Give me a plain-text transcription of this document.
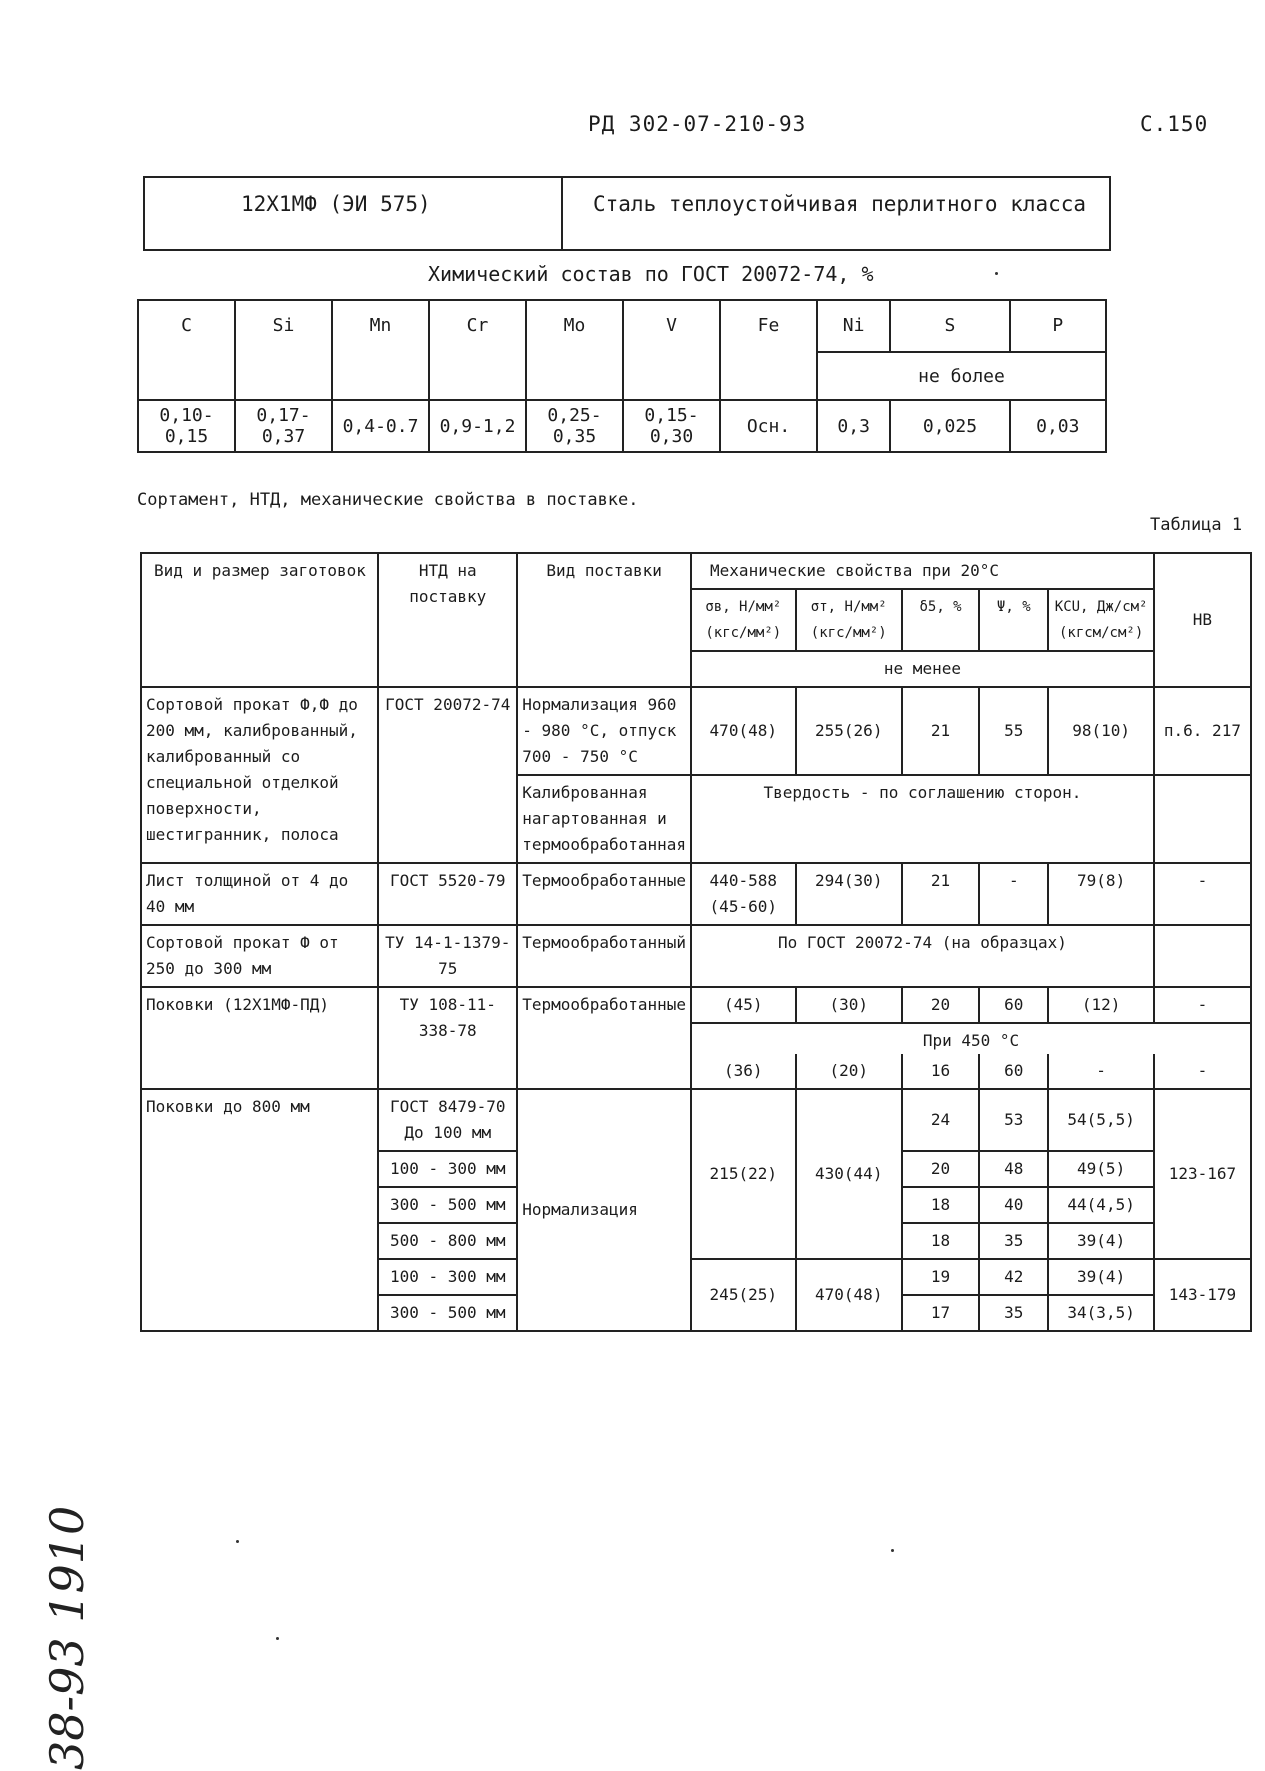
РД 302-07-210-93	С.150
12Х1МФ (ЭИ 575)	Сталь теплоустойчивая перлитного класса
Химический состав по ГОСТ 20072-74, %
C	Si	Mn	Cr	Mo	V	Fe	Ni	S	P
							не более		
0,10-0,15	0,17-0,37	0,4-0.7	0,9-1,2	0,25-0,35	0,15-0,30	Осн.	0,3	0,025	0,03
Сортамент, НТД, механические свойства в поставке.
Таблица 1
Вид и размер заготовок	НТД на поставку	Вид поставки	Механические свойства при 20°С					НВ
			σв, Н/мм² (кгс/мм²)	σт, Н/мм² (кгс/мм²)	δ5, %	Ψ, %	KCU, Дж/см² (кгсм/см²)	
			не менее					
Сортовой прокат Ф,Ф до 200 мм, калиброванный, калиброванный со специальной отделкой поверхности, шестигранник, полоса	ГОСТ 20072-74	Нормализация 960 - 980 °С, отпуск 700 - 750 °С	470(48)	255(26)	21	55	98(10)	п.6. 217
		Калиброванная нагартованная и термообработанная	Твердость - по соглашению сторон.					
Лист толщиной от 4 до 40 мм	ГОСТ 5520-79	Термообработанные	440-588 (45-60)	294(30)	21	-	79(8)	-
Сортовой прокат Ф от 250 до 300 мм	ТУ 14-1-1379-75	Термообработанный	По ГОСТ 20072-74 (на образцах)					
Поковки (12Х1МФ-ПД)	ТУ 108-11-338-78	Термообработанные	(45)	(30)	20	60	(12)	-
			При 450 °С					
			(36)	(20)	16	60	-	-
Поковки до 800 мм	ГОСТ 8479-70 До 100 мм	Нормализация	215(22)	430(44)	24	53	54(5,5)	123-167
	100 - 300 мм				20	48	49(5)	
	300 - 500 мм				18	40	44(4,5)	
	500 - 800 мм				18	35	39(4)	
	100 - 300 мм		245(25)	470(48)	19	42	39(4)	143-179
	300 - 500 мм				17	35	34(3,5)	
38-93 1910
